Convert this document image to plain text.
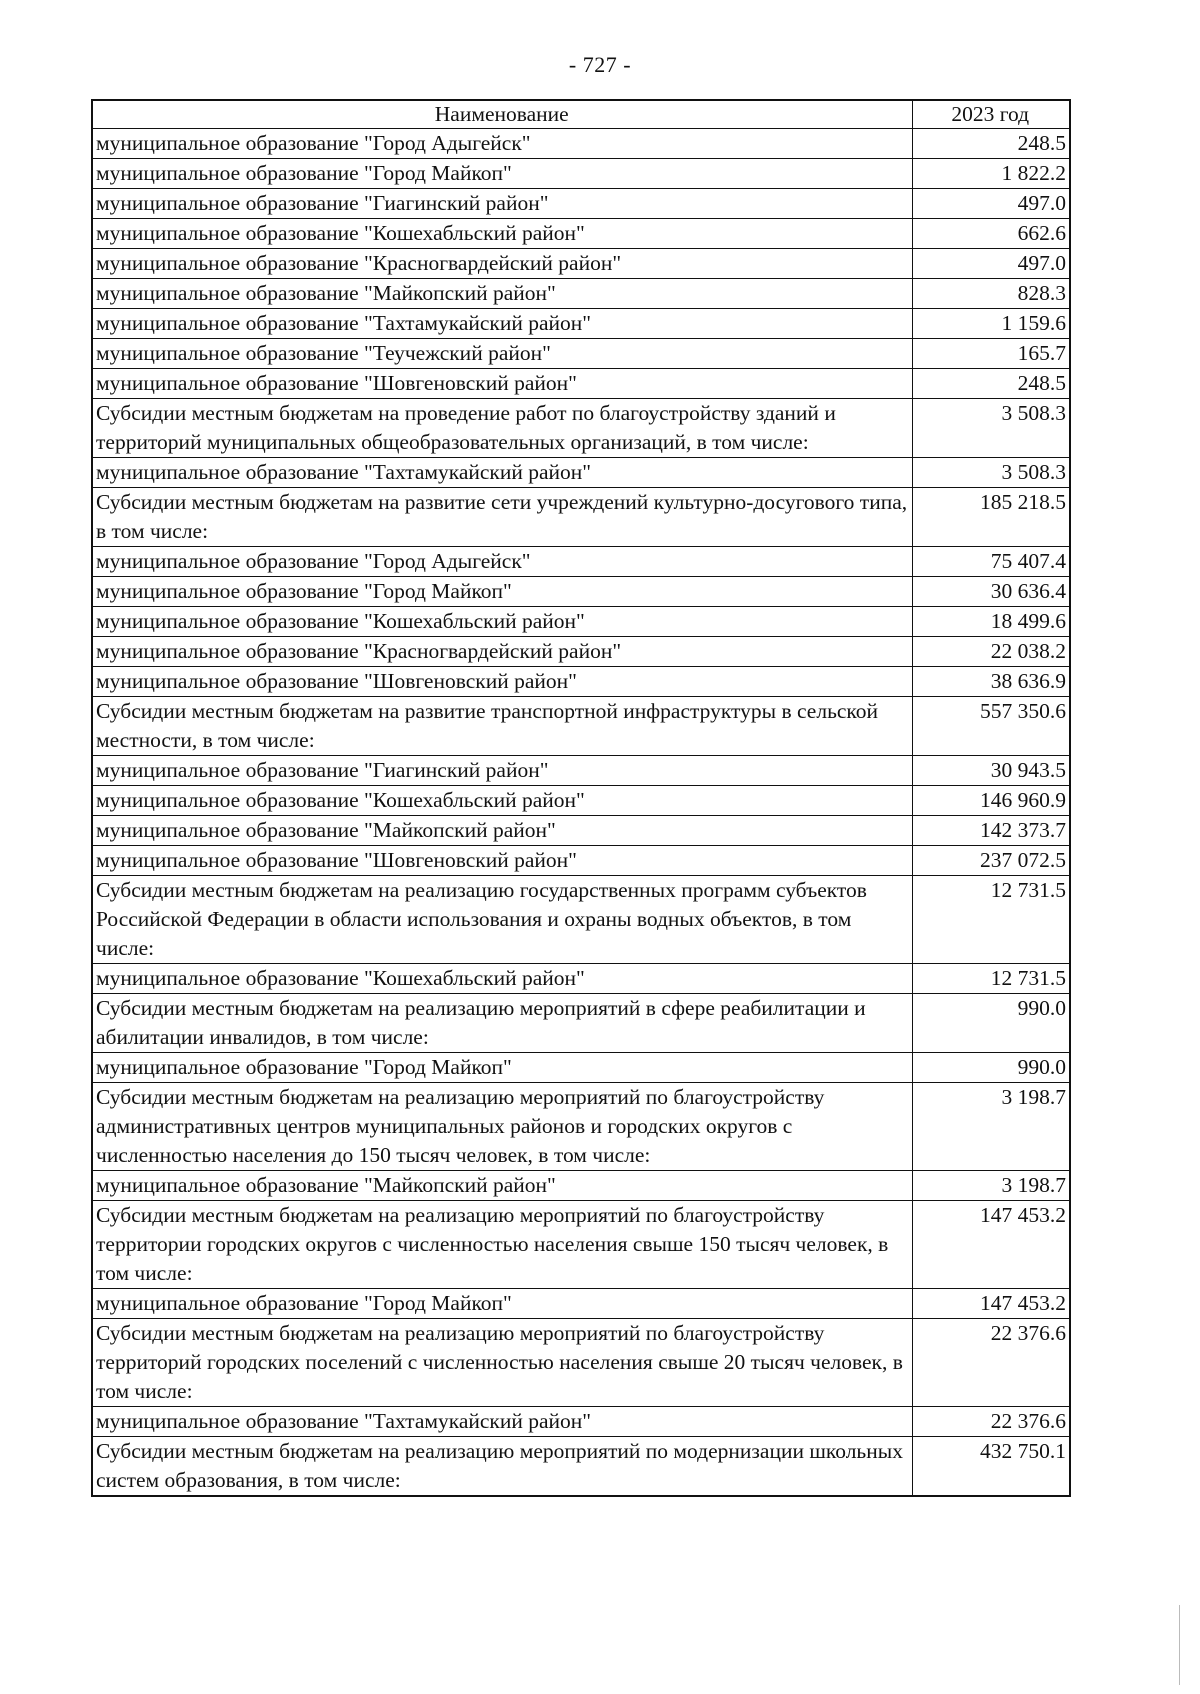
- 727 -
Наименование	2023 год
муниципальное образование "Город Адыгейск"	248.5
муниципальное образование "Город Майкоп"	1 822.2
муниципальное образование "Гиагинский район"	497.0
муниципальное образование "Кошехабльский район"	662.6
муниципальное образование "Красногвардейский район"	497.0
муниципальное образование "Майкопский район"	828.3
муниципальное образование "Тахтамукайский район"	1 159.6
муниципальное образование "Теучежский район"	165.7
муниципальное образование "Шовгеновский район"	248.5
Субсидии местным бюджетам на проведение работ по благоустройству зданий и территорий муниципальных общеобразовательных организаций, в том числе:	3 508.3
муниципальное образование "Тахтамукайский район"	3 508.3
Субсидии местным бюджетам на развитие сети учреждений культурно-досугового типа, в том числе:	185 218.5
муниципальное образование "Город Адыгейск"	75 407.4
муниципальное образование "Город Майкоп"	30 636.4
муниципальное образование "Кошехабльский район"	18 499.6
муниципальное образование "Красногвардейский район"	22 038.2
муниципальное образование "Шовгеновский район"	38 636.9
Субсидии местным бюджетам на развитие транспортной инфраструктуры в сельской местности, в том числе:	557 350.6
муниципальное образование "Гиагинский район"	30 943.5
муниципальное образование "Кошехабльский район"	146 960.9
муниципальное образование "Майкопский район"	142 373.7
муниципальное образование "Шовгеновский район"	237 072.5
Субсидии местным бюджетам на реализацию государственных программ субъектов Российской Федерации в области использования и охраны водных объектов, в том числе:	12 731.5
муниципальное образование "Кошехабльский район"	12 731.5
Субсидии местным бюджетам на реализацию мероприятий в сфере реабилитации и абилитации инвалидов, в том числе:	990.0
муниципальное образование "Город Майкоп"	990.0
Субсидии местным бюджетам на реализацию мероприятий по благоустройству административных центров муниципальных районов и городских округов с численностью населения до 150 тысяч человек, в том числе:	3 198.7
муниципальное образование "Майкопский район"	3 198.7
Субсидии местным бюджетам на реализацию мероприятий по благоустройству территории городских округов с численностью населения свыше 150 тысяч человек, в том числе:	147 453.2
муниципальное образование "Город Майкоп"	147 453.2
Субсидии местным бюджетам на реализацию мероприятий по благоустройству территорий городских поселений с численностью населения свыше 20 тысяч человек, в том числе:	22 376.6
муниципальное образование "Тахтамукайский район"	22 376.6
Субсидии местным бюджетам на реализацию мероприятий по модернизации школьных систем образования, в том числе:	432 750.1
